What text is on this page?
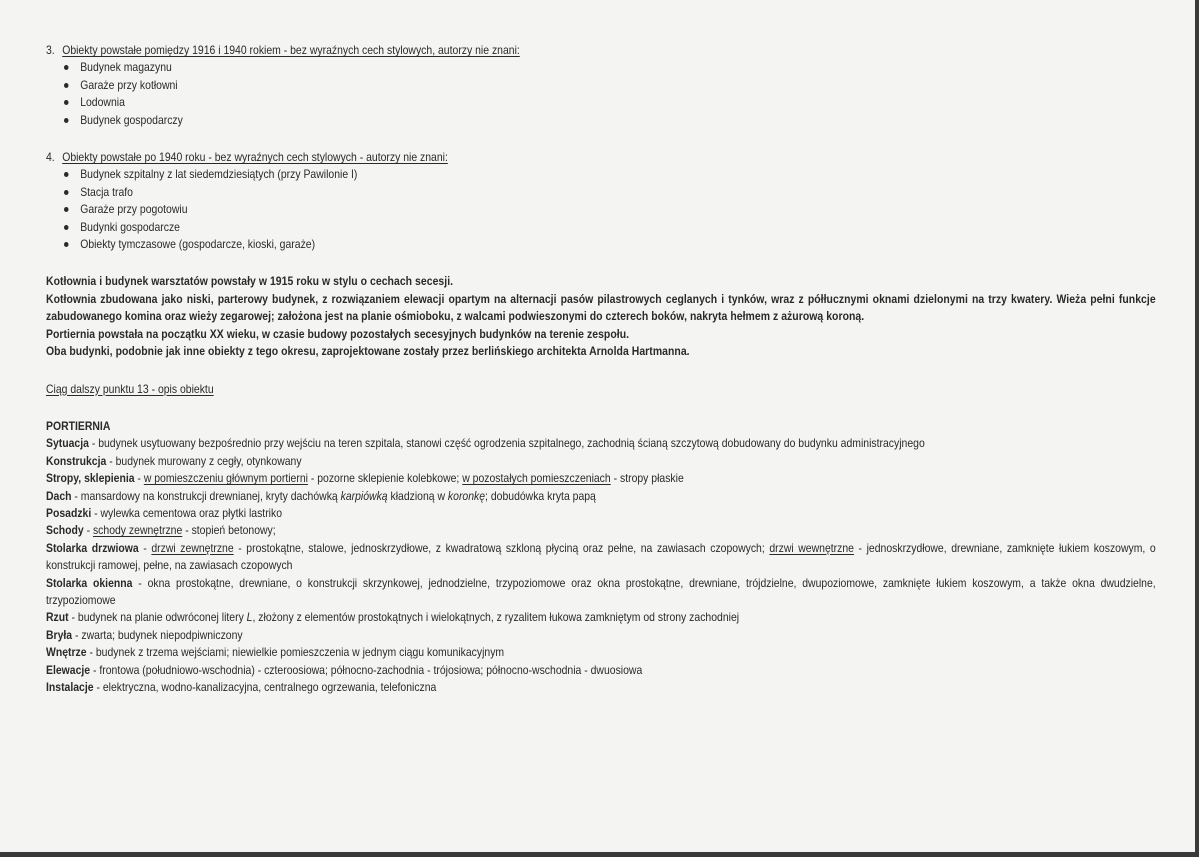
3. Obiekty powstałe pomiędzy 1916 i 1940 rokiem - bez wyraźnych cech stylowych, autorzy nie znani:
Budynek magazynu
Garaże przy kotłowni
Lodownia
Budynek gospodarczy
4. Obiekty powstałe po 1940 roku - bez wyraźnych cech stylowych - autorzy nie znani:
Budynek szpitalny z lat siedemdziesiątych (przy Pawilonie I)
Stacja trafo
Garaże przy pogotowiu
Budynki gospodarcze
Obiekty tymczasowe (gospodarcze, kioski, garaże)
Kotłownia i budynek warsztatów powstały w 1915 roku w stylu o cechach secesji.
Kotłownia zbudowana jako niski, parterowy budynek, z rozwiązaniem elewacji opartym na alternacji pasów pilastrowych ceglanych i tynków, wraz z półłucznymi oknami dzielonymi na trzy kwatery. Wieża pełni funkcje zabudowanego komina oraz wieży zegarowej; założona jest na planie ośmioboku, z walcami podwieszonymi do czterech boków, nakryta hełmem z ażurową koroną.
Portiernia powstała na początku XX wieku, w czasie budowy pozostałych secesyjnych budynków na terenie zespołu.
Oba budynki, podobnie jak inne obiekty z tego okresu, zaprojektowane zostały przez berlińskiego architekta Arnolda Hartmanna.
Ciąg dalszy punktu 13 - opis obiektu
PORTIERNIA
Sytuacja - budynek usytuowany bezpośrednio przy wejściu na teren szpitala, stanowi część ogrodzenia szpitalnego, zachodnią ścianą szczytową dobudowany do budynku administracyjnego
Konstrukcja - budynek murowany z cegły, otynkowany
Stropy, sklepienia - w pomieszczeniu głównym portierni - pozorne sklepienie kolebkowe; w pozostałych pomieszczeniach - stropy płaskie
Dach - mansardowy na konstrukcji drewnianej, kryty dachówką karpiówką kładzioną w koronkę; dobudówka kryta papą
Posadzki - wylewka cementowa oraz płytki lastriko
Schody - schody zewnętrzne - stopień betonowy;
Stolarka drzwiowa - drzwi zewnętrzne - prostokątne, stalowe, jednoskrzydłowe, z kwadratową szkloną płyciną oraz pełne, na zawiasach czopowych; drzwi wewnętrzne - jednoskrzydłowe, drewniane, zamknięte łukiem koszowym, o konstrukcji ramowej, pełne, na zawiasach czopowych
Stolarka okienna - okna prostokątne, drewniane, o konstrukcji skrzynkowej, jednodzielne, trzypoziomowe oraz okna prostokątne, drewniane, trójdzielne, dwupoziomowe, zamknięte łukiem koszowym, a także okna dwudzielne, trzypoziomowe
Rzut - budynek na planie odwróconej litery L, złożony z elementów prostokątnych i wielokątnych, z ryzalitem łukowa zamkniętym od strony zachodniej
Bryła - zwarta; budynek niepodpiwniczony
Wnętrze - budynek z trzema wejściami; niewielkie pomieszczenia w jednym ciągu komunikacyjnym
Elewacje - frontowa (południowo-wschodnia) - czteroosiowa; północno-zachodnia - trójosiowa; północno-wschodnia - dwuosiowa
Instalacje - elektryczna, wodno-kanalizacyjna, centralnego ogrzewania, telefoniczna
